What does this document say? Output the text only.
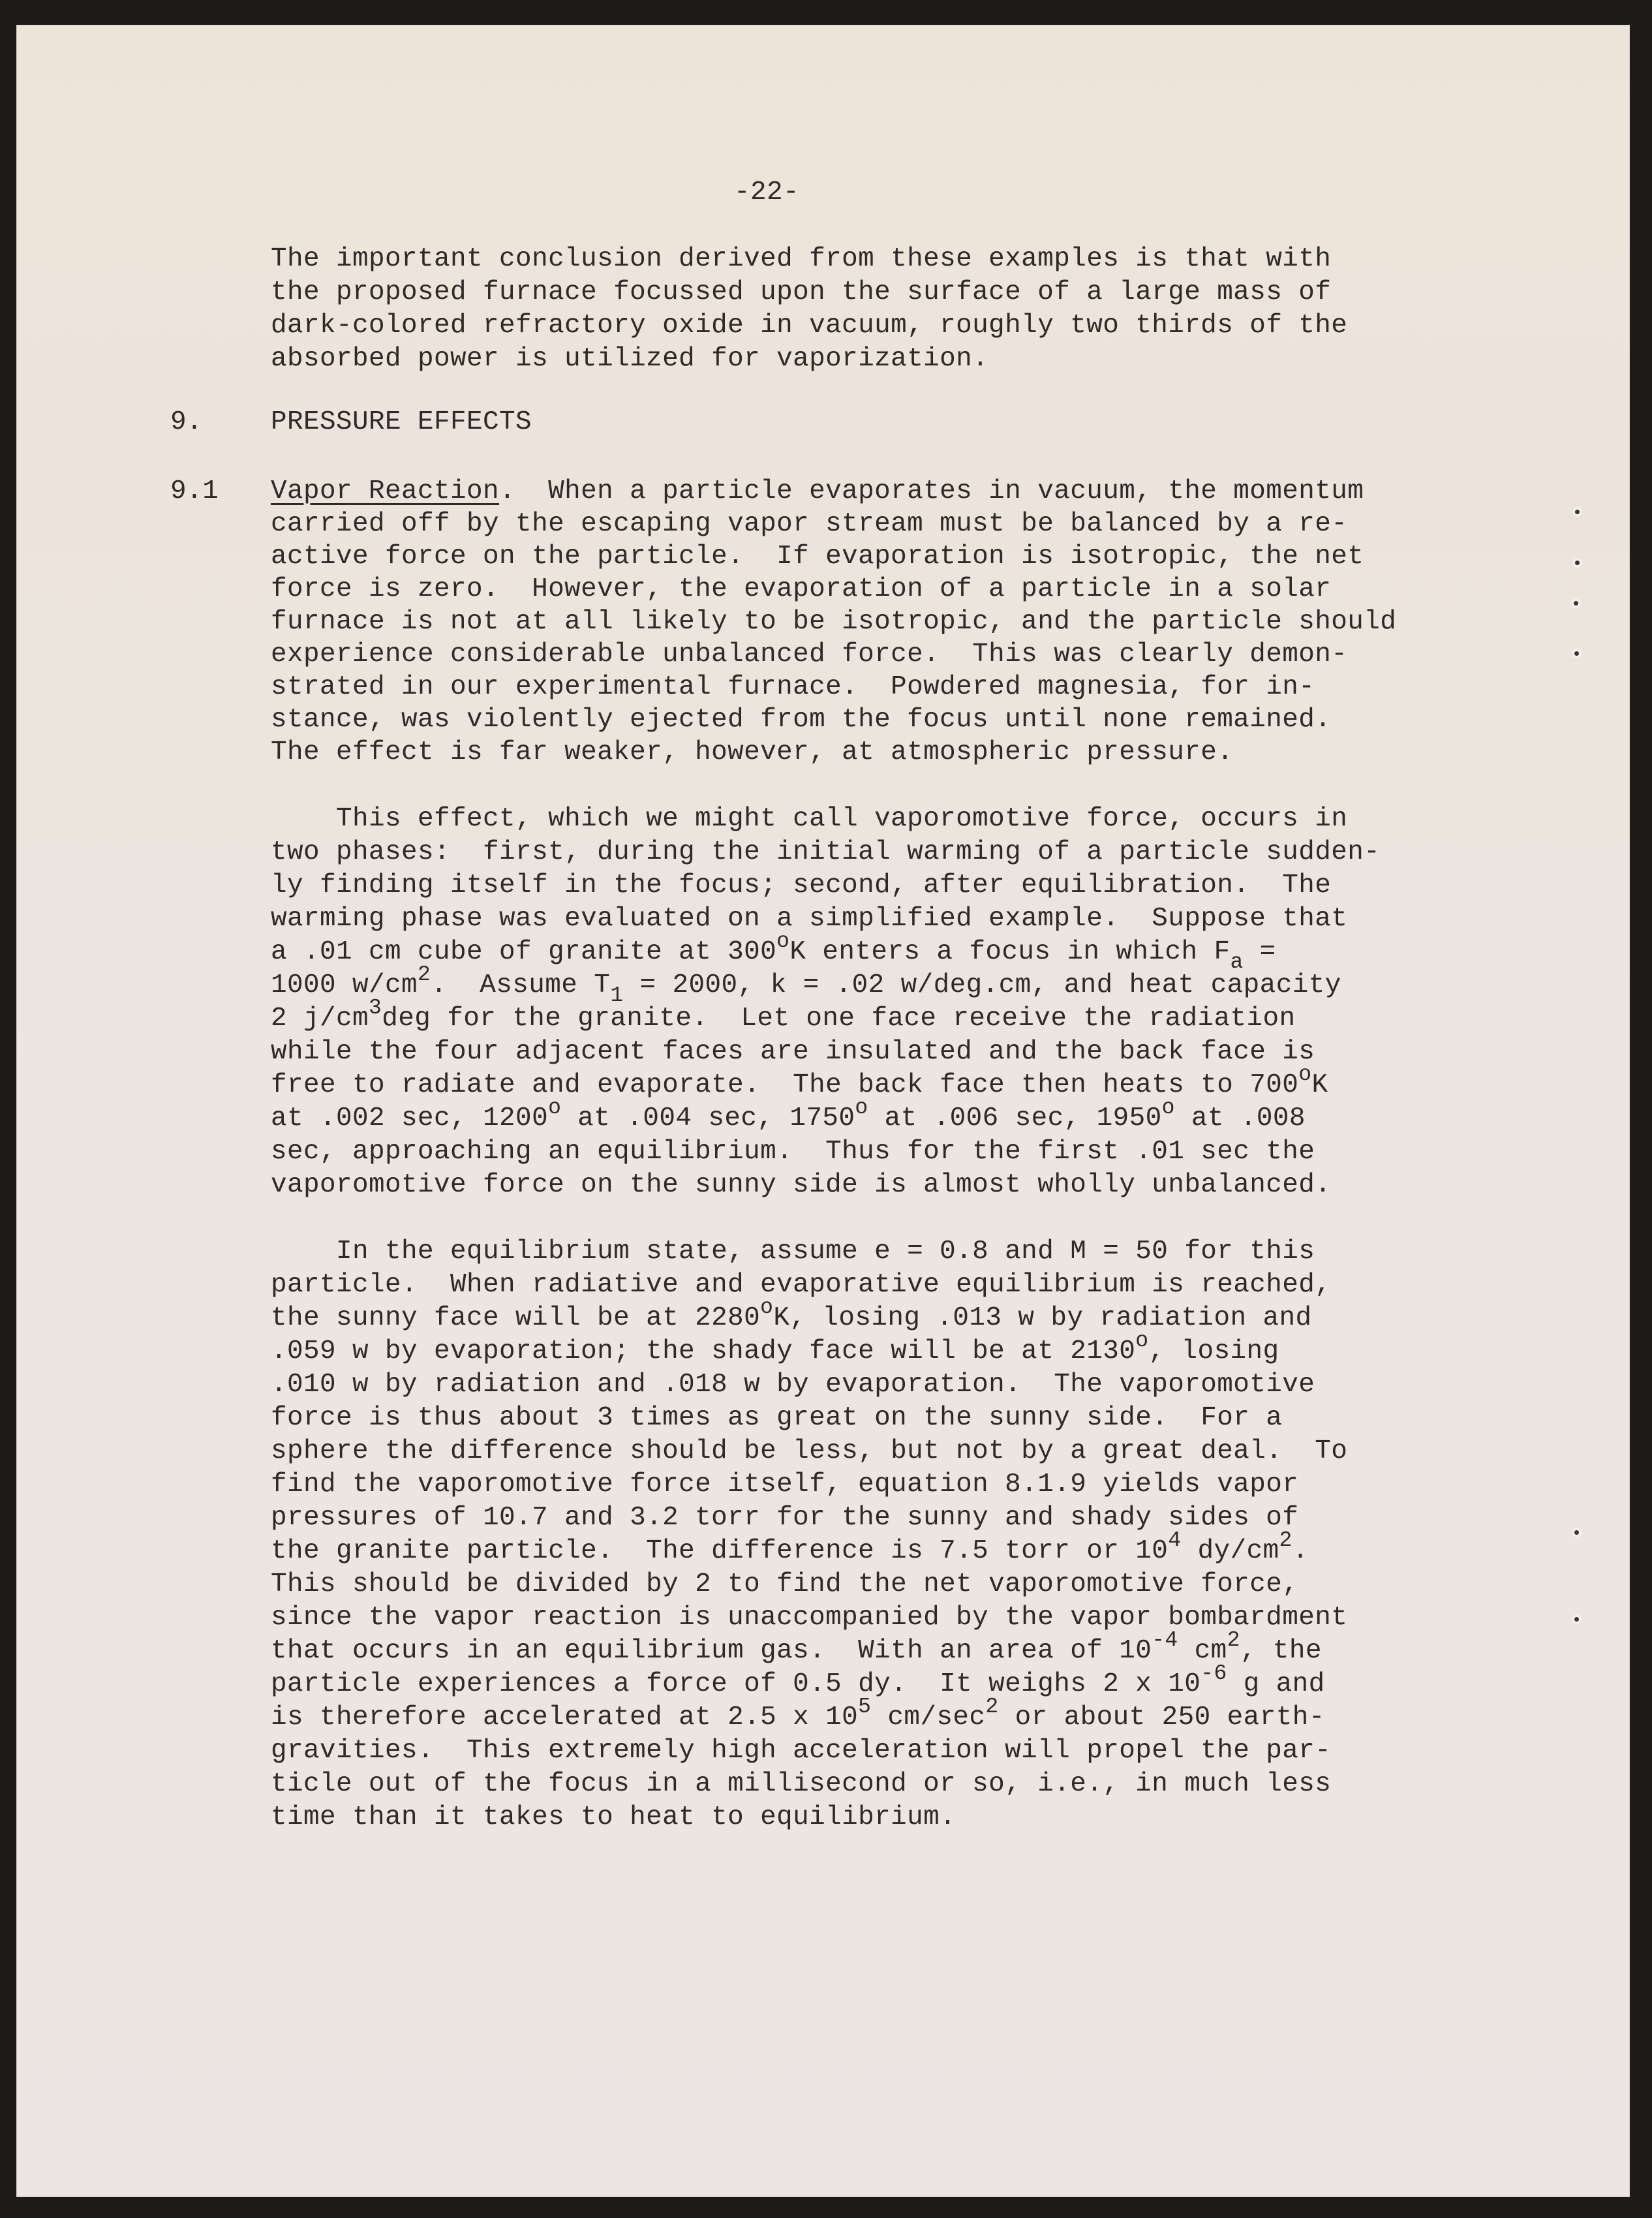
-22-
The important conclusion derived from these examples is that with
the proposed furnace focussed upon the surface of a large mass of
dark-colored refractory oxide in vacuum, roughly two thirds of the
absorbed power is utilized for vaporization.
9.	PRESSURE EFFECTS
9.1 Vapor Reaction.  When a particle evaporates in vacuum, the momentum
carried off by the escaping vapor stream must be balanced by a re-
active force on the particle.  If evaporation is isotropic, the net
force is zero.  However, the evaporation of a particle in a solar
furnace is not at all likely to be isotropic, and the particle should
experience considerable unbalanced force.  This was clearly demon-
strated in our experimental furnace.  Powdered magnesia, for in-
stance, was violently ejected from the focus until none remained.
The effect is far weaker, however, at atmospheric pressure.
This effect, which we might call vaporomotive force, occurs in
two phases:  first, during the initial warming of a particle sudden-
ly finding itself in the focus; second, after equilibration.  The
warming phase was evaluated on a simplified example.  Suppose that
a .01 cm cube of granite at 300$^o$K enters a focus in which $F_a$ =
1000 $w/cm^2$.  Assume $T_1 = 2000$, k = .02 w/deg.cm, and heat capacity
2 $j/cm^3deg$ for the granite.  Let one face receive the radiation
while the four adjacent faces are insulated and the back face is
free to radiate and evaporate.  The back face then heats to 700$^o$K
at .002 sec, 1200$^o$ at .004 sec, 1750$^o$ at .006 sec, 1950$^o$ at .008
sec, approaching an equilibrium.  Thus for the first .01 sec the
vaporomotive force on the sunny side is almost wholly unbalanced.
In the equilibrium state, assume e = 0.8 and M = 50 for this
particle.  When radiative and evaporative equilibrium is reached,
the sunny face will be at 2280$^o$K, losing .013 w by radiation and
.059 w by evaporation; the shady face will be at 2130$^o$, losing
.010 w by radiation and .018 w by evaporation.  The vaporomotive
force is thus about 3 times as great on the sunny side.  For a
sphere the difference should be less, but not by a great deal.  To
find the vaporomotive force itself, equation 8.1.9 yields vapor
pressures of 10.7 and 3.2 torr for the sunny and shady sides of
the granite particle.  The difference is 7.5 torr or $10^4$ $dy/cm^2$.
This should be divided by 2 to find the net vaporomotive force,
since the vapor reaction is unaccompanied by the vapor bombardment
that occurs in an equilibrium gas.  With an area of $10^{-4}$ $cm^2$, the
particle experiences a force of 0.5 dy.  It weighs 2 x $10^{-6}$ g and
is therefore accelerated at 2.5 x $10^5$ $cm/\sec^2$ or about 250 earth-
gravities.  This extremely high acceleration will propel the par-
ticle out of the focus in a millisecond or so, i.e., in much less
time than it takes to heat to equilibrium.
